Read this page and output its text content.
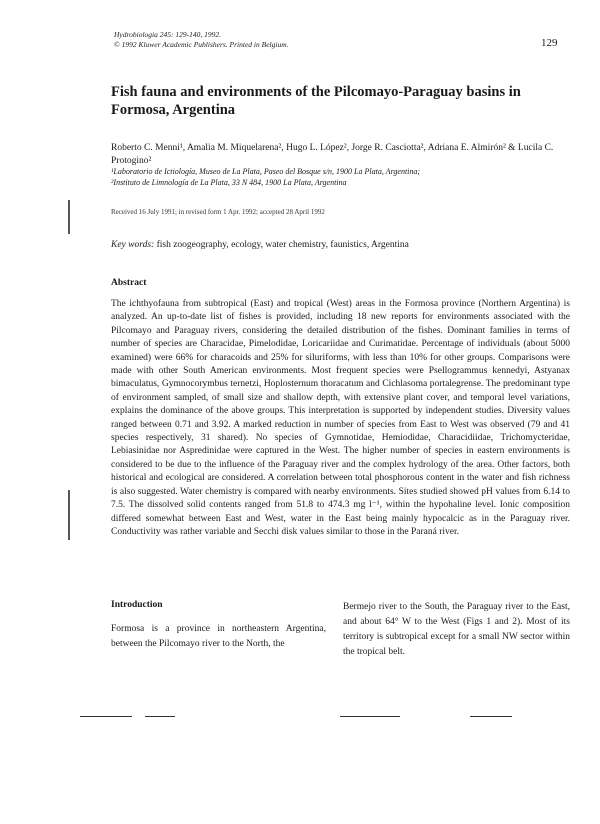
Hydrobiologia 245: 129-140, 1992.
© 1992 Kluwer Academic Publishers. Printed in Belgium.	129
Fish fauna and environments of the Pilcomayo-Paraguay basins in Formosa, Argentina
Roberto C. Menni¹, Amalia M. Miquelarena², Hugo L. López², Jorge R. Casciotta², Adriana E. Almirón² & Lucila C. Protogino²
¹Laboratorio de Ictiología, Museo de La Plata, Paseo del Bosque s/n, 1900 La Plata, Argentina;
²Instituto de Limnología de La Plata, 33 N 484, 1900 La Plata, Argentina
Received 16 July 1991; in revised form 1 Apr. 1992; accepted 28 April 1992
Key words: fish zoogeography, ecology, water chemistry, faunistics, Argentina
Abstract
The ichthyofauna from subtropical (East) and tropical (West) areas in the Formosa province (Northern Argentina) is analyzed. An up-to-date list of fishes is provided, including 18 new reports for environments associated with the Pilcomayo and Paraguay rivers, considering the detailed distribution of the fishes. Dominant families in terms of number of species are Characidae, Pimelodidae, Loricariidae and Curimatidae. Percentage of individuals (about 5000 examined) were 66% for characoids and 25% for siluriforms, with less than 10% for other groups. Comparisons were made with other South American environments. Most frequent species were Psellogrammus kennedyi, Astyanax bimaculatus, Gymnocorymbus ternetzi, Hoplosternum thoracatum and Cichlasoma portalegrense. The predominant type of environment sampled, of small size and shallow depth, with extensive plant cover, and temporal level variations, explains the dominance of the above groups. This interpretation is supported by independent studies. Diversity values ranged between 0.71 and 3.92. A marked reduction in number of species from East to West was observed (79 and 41 species respectively, 31 shared). No species of Gymnotidae, Hemiodidae, Characidiidae, Trichomycteridae, Lebiasinidae nor Aspredinidae were captured in the West. The higher number of species in eastern environments is considered to be due to the influence of the Paraguay river and the complex hydrology of the area. Other factors, both historical and ecological are considered. A correlation between total phosphorous content in the water and fish richness is also suggested. Water chemistry is compared with nearby environments. Sites studied showed pH values from 6.14 to 7.5. The dissolved solid contents ranged from 51.8 to 474.3 mg l⁻¹, within the hypohaline level. Ionic composition differed somewhat between East and West, water in the East being mainly hypocalcic as in the Paraguay river. Conductivity was rather variable and Secchi disk values similar to those in the Paraná river.
Introduction
Formosa is a province in northeastern Argentina, between the Pilcomayo river to the North, the
Bermejo river to the South, the Paraguay river to the East, and about 64° W to the West (Figs 1 and 2). Most of its territory is subtropical except for a small NW sector within the tropical belt.
